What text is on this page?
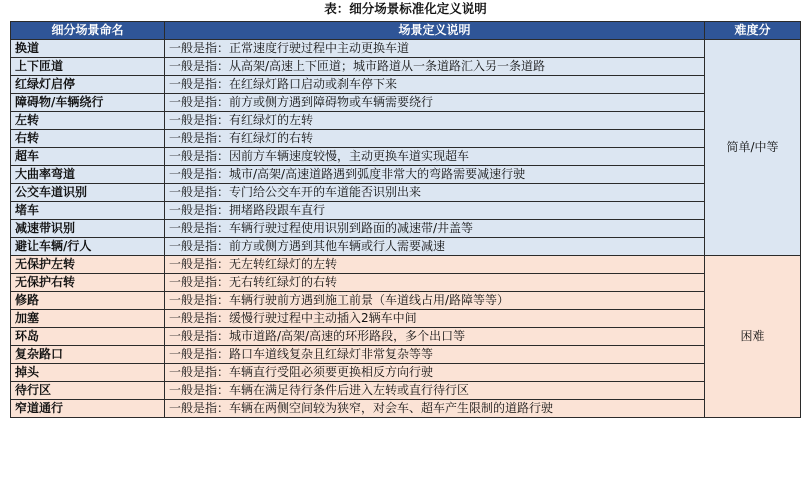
表：细分场景标准化定义说明
细分场景命名	场景定义说明	难度分
换道	一般是指：正常速度行驶过程中主动更换车道	简单/中等
上下匝道	一般是指：从高架/高速上下匝道；城市路道从一条道路汇入另一条道路	
红绿灯启停	一般是指：在红绿灯路口启动或刹车停下来	
障碍物/车辆绕行	一般是指：前方或侧方遇到障碍物或车辆需要绕行	
左转	一般是指：有红绿灯的左转	
右转	一般是指：有红绿灯的右转	
超车	一般是指：因前方车辆速度较慢，主动更换车道实现超车	
大曲率弯道	一般是指：城市/高架/高速道路遇到弧度非常大的弯路需要减速行驶	
公交车道识别	一般是指：专门给公交车开的车道能否识别出来	
堵车	一般是指：拥堵路段跟车直行	
减速带识别	一般是指：车辆行驶过程使用识别到路面的减速带/井盖等	
避让车辆/行人	一般是指：前方或侧方遇到其他车辆或行人需要减速	
无保护左转	一般是指：无左转红绿灯的左转	困难
无保护右转	一般是指：无右转红绿灯的右转	
修路	一般是指：车辆行驶前方遇到施工前景（车道线占用/路障等等）	
加塞	一般是指：缓慢行驶过程中主动插入2辆车中间	
环岛	一般是指：城市道路/高架/高速的环形路段，多个出口等	
复杂路口	一般是指：路口车道线复杂且红绿灯非常复杂等等	
掉头	一般是指：车辆直行受阻必须要更换相反方向行驶	
待行区	一般是指：车辆在满足待行条件后进入左转或直行待行区	
窄道通行	一般是指：车辆在两侧空间较为狭窄，对会车、超车产生限制的道路行驶	
